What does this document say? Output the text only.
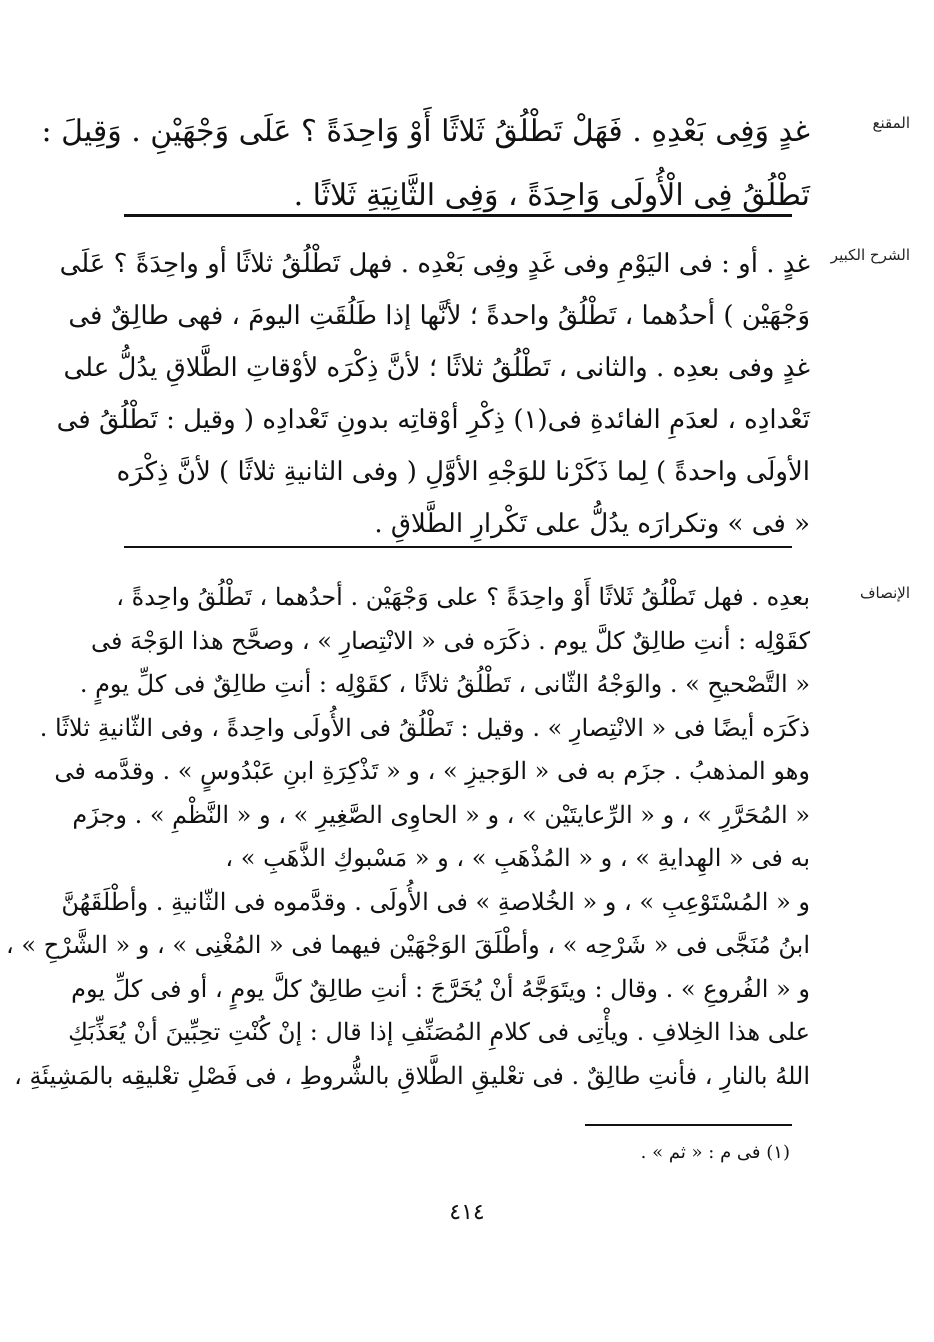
المقنع
غدٍ وَفِى بَعْدِهِ . فَهَلْ تَطْلُقُ ثَلاثًا أَوْ وَاحِدَةً ؟ عَلَى وَجْهَيْنِ . وَقِيلَ :
تَطْلُقُ فِى الْأُولَى وَاحِدَةً ، وَفِى الثَّانِيَةِ ثَلاثًا .
الشرح الكبير
غدٍ . أو : فى اليَوْمِ وفى غَدٍ وفِى بَعْدِه . فهل تَطْلُقُ ثلاثًا أو واحِدَةً ؟ عَلَى
وَجْهَيْن ) أحدُهما ، تَطْلُقُ واحدةً ؛ لأنَّها إذا طَلُقَتِ اليومَ ، فهى طالِقٌ فى
غدٍ وفى بعدِه . والثانى ، تَطْلُقُ ثلاثًا ؛ لأنَّ ذِكْرَه لأوْقاتِ الطَّلاقِ يدُلُّ على
تَعْدادِه ، لعدَمِ الفائدةِ فى(١) ذِكْرِ أوْقاتِه بدونِ تَعْدادِه ( وقيل : تَطْلُقُ فى
الأولَى واحدةً ) لِما ذَكَرْنا للوَجْهِ الأوَّلِ ( وفى الثانيةِ ثلاثًا ) لأنَّ ذِكْرَه
« فى » وتكرارَه يدُلُّ على تَكْرارِ الطَّلاقِ .
الإنصاف
بعدِه . فهل تَطْلُقُ ثَلاثًا أَوْ واحِدَةً ؟ على وَجْهَيْن . أحدُهما ، تَطْلُقُ واحِدةً ،
كقَوْلِه : أنتِ طالِقٌ كلَّ يوم . ذكَرَه فى « الانْتِصارِ » ، وصحَّح هذا الوَجْهَ فى
« التَّصْحيحِ » . والوَجْهُ الثّانى ، تَطْلُقُ ثلاثًا ، كقَوْلِه : أنتِ طالِقٌ فى كلِّ يومٍ .
ذكَرَه أيضًا فى « الانْتِصارِ » . وقيل : تَطْلُقُ فى الأُولَى واحِدةً ، وفى الثّانيةِ ثلاثًا .
وهو المذهبُ . جزَم به فى « الوَجيزِ » ، و « تَذْكِرَةِ ابنِ عَبْدُوسٍ » . وقدَّمه فى
« المُحَرَّرِ » ، و « الرِّعايتَيْن » ، و « الحاوِى الصَّغِيرِ » ، و « النَّظْمِ » . وجزَم
به فى « الهِدايةِ » ، و « المُذْهَبِ » ، و « مَسْبوكِ الذَّهَبِ » ،
و « المُسْتَوْعِبِ » ، و « الخُلاصةِ » فى الأُولَى . وقدَّموه فى الثّانيةِ . وأطْلَقَهُنَّ
ابنُ مُنَجَّى فى « شَرْحِه » ، وأطْلَقَ الوَجْهَيْن فيهما فى « المُغْنِى » ، و « الشَّرْحِ » ،
و « الفُروعِ » . وقال : ويتَوَجَّهُ أنْ يُخَرَّجَ : أنتِ طالِقٌ كلَّ يومٍ ، أو فى كلِّ يوم
على هذا الخِلافِ . ويأْتِى فى كلامِ المُصَنِّفِ إذا قال : إنْ كُنْتِ تحِبِّينَ أنْ يُعَذِّبَكِ
اللهُ بالنارِ ، فأنتِ طالِقٌ . فى تعْليقِ الطَّلاقِ بالشُّروطِ ، فى فَصْلِ تعْليقِه بالمَشِيئَةِ ،
(١) فى م : « ثم » .
٤١٤
